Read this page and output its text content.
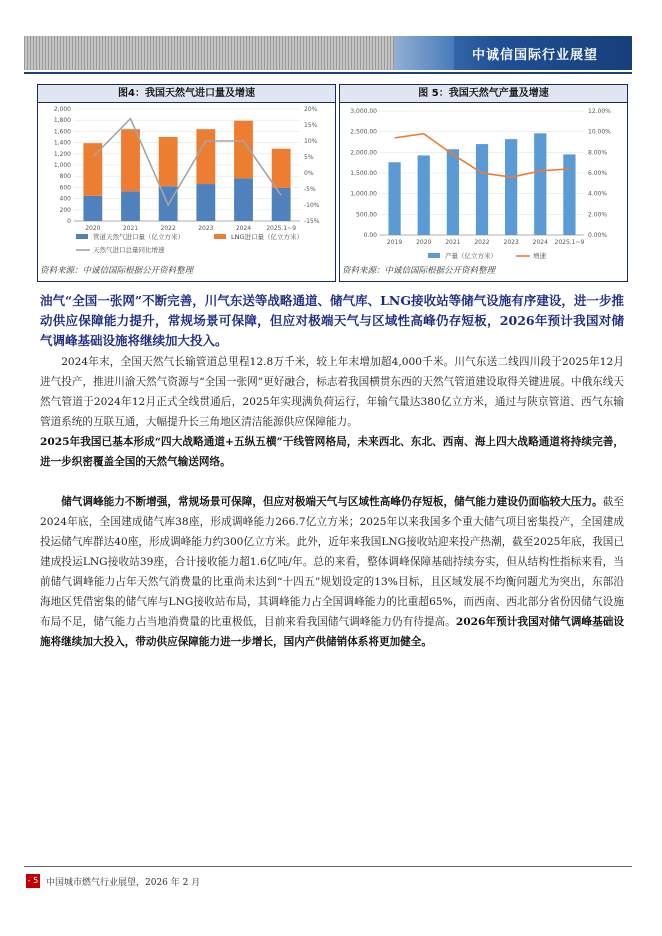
中诚信国际行业展望
图4：我国天然气进口量及增速
0
200
400
600
800
1,000
1,200
1,400
1,600
1,800
2,000
-15%
-10%
-5%
0%
5%
10%
15%
20%
2020	2021	2022	2023	2024	2025.1~9
管道天然气进口量（亿立方米）	LNG进口量（亿立方米）
天然气进口总量同比增速
资料来源：中诚信国际根据公开资料整理
图 5：我国天然气产量及增速
0.00
500.00
1,000.00
1,500.00
2,000.00
2,500.00
3,000.00
0.00%
2.00%
4.00%
6.00%
8.00%
10.00%
12.00%
2019 2020 2021 2022 2023 2024 2025.1~9
产量（亿立方米）	增速
资料来源：中诚信国际根据公开资料整理

油气“全国一张网”不断完善，川气东送等战略通道、储气库、LNG接收站等储气设施有序建设，进一步推动供应保障能力提升，常规场景可保障，但应对极端天气与区域性高峰仍存短板，2026年预计我国对储气调峰基础设施将继续加大投入。

2024年末，全国天然气长输管道总里程12.8万千米，较上年末增加超4,000千米。川气东送二线四川段于2025年12月进气投产，推进川渝天然气资源与“全国一张网”更好融合，标志着我国横贯东西的天然气管道建设取得关键进展。中俄东线天然气管道于2024年12月正式全线贯通后，2025年实现满负荷运行，年输气量达380亿立方米，通过与陕京管道、西气东输管道系统的互联互通，大幅提升长三角地区清洁能源供应保障能力。

2025年我国已基本形成“四大战略通道+五纵五横”干线管网格局，未来西北、东北、西南、海上四大战略通道将持续完善，进一步织密覆盖全国的天然气输送网络。

储气调峰能力不断增强，常规场景可保障，但应对极端天气与区域性高峰仍存短板，储气能力建设仍面临较大压力。截至2024年底，全国建成储气库38座，形成调峰能力266.7亿立方米；2025年以来我国多个重大储气项目密集投产，全国建成投运储气库群达40座，形成调峰能力约300亿立方米。此外，近年来我国LNG接收站迎来投产热潮，截至2025年底，我国已建成投运LNG接收站39座，合计接收能力超1.6亿吨/年。总的来看，整体调峰保障基础持续夯实，但从结构性指标来看，当前储气调峰能力占年天然气消费量的比重尚未达到“十四五”规划设定的13%目标，且区域发展不均衡问题尤为突出，东部沿海地区凭借密集的储气库与LNG接收站布局，其调峰能力占全国调峰能力的比重超65%，而西南、西北部分省份因储气设施布局不足，储气能力占当地消费量的比重极低，目前来看我国储气调峰能力仍有待提高。2026年预计我国对储气调峰基础设施将继续加大投入，带动供应保障能力进一步增长，国内产供储销体系将更加健全。

- 5 -
中国城市燃气行业展望，2026 年 2 月
